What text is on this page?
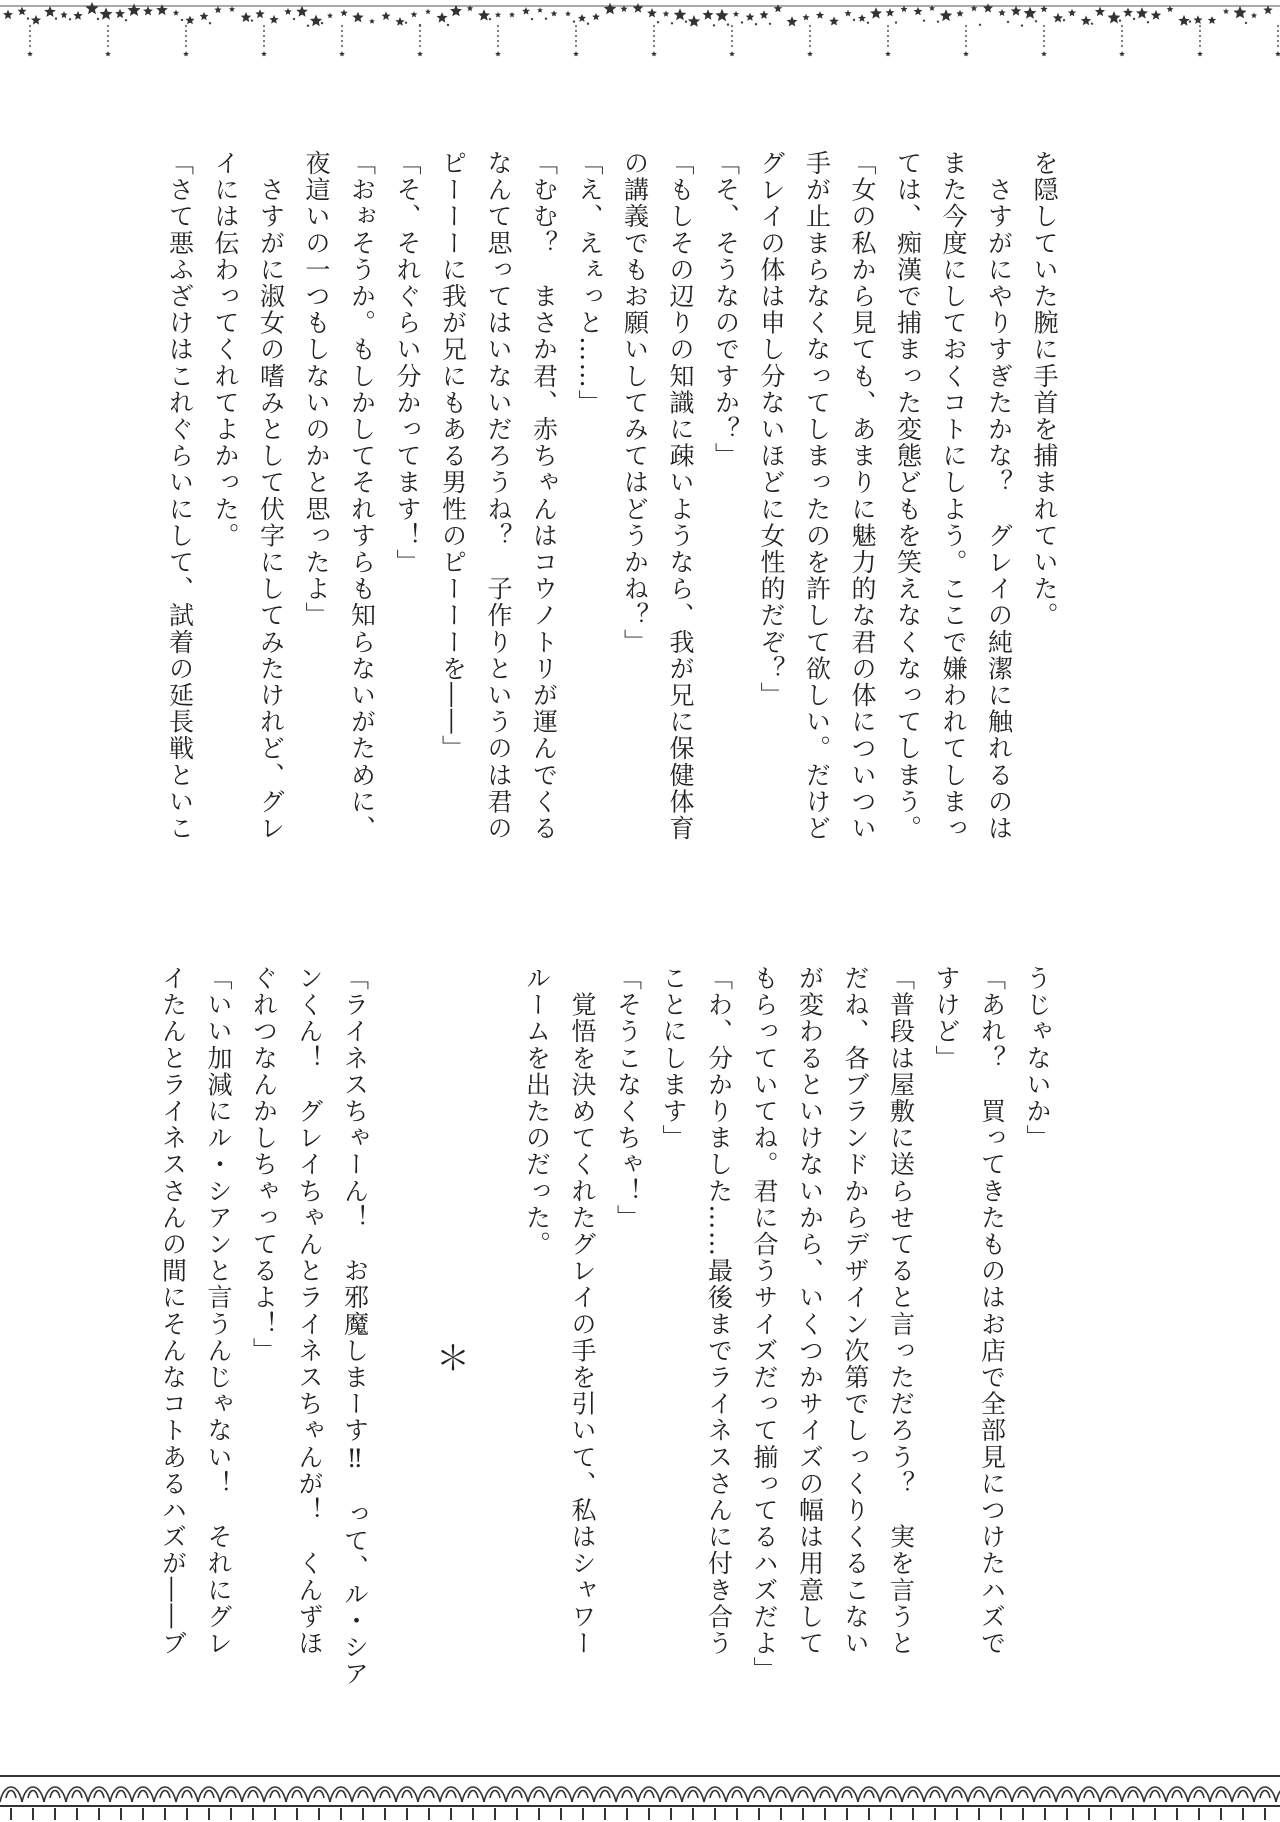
を隠していた腕に手首を捕まれていた。

　さすがにやりすぎたかな？　グレイの純潔に触れるのは

また今度にしておくコトにしよう。ここで嫌われてしまっ

ては、痴漢で捕まった変態どもを笑えなくなってしまう。

「女の私から見ても、あまりに魅力的な君の体についつい

手が止まらなくなってしまったのを許して欲しい。だけど

グレイの体は申し分ないほどに女性的だぞ？」

「そ、そうなのですか？」

「もしその辺りの知識に疎いようなら、我が兄に保健体育

の講義でもお願いしてみてはどうかね？」

「え、えぇっと……」

「むむ？　まさか君、赤ちゃんはコウノトリが運んでくる

なんて思ってはいないだろうね？　子作りというのは君の

ピーーーに我が兄にもある男性のピーーーを――」

「そ、それぐらい分かってます！」

「おぉそうか。もしかしてそれすらも知らないがために、

夜這いの一つもしないのかと思ったよ」

　さすがに淑女の嗜みとして伏字にしてみたけれど、グレ

イには伝わってくれてよかった。

「さて悪ふざけはこれぐらいにして、試着の延長戦といこ

うじゃないか」

「あれ？　買ってきたものはお店で全部見につけたハズで

すけど」

「普段は屋敷に送らせてると言っただろう？　実を言うと

だね、各ブランドからデザイン次第でしっくりくるこない

が変わるといけないから、いくつかサイズの幅は用意して

もらっていてね。君に合うサイズだって揃ってるハズだよ」

「わ、分かりました……最後までライネスさんに付き合う

ことにします」

「そうこなくちゃ！」

　覚悟を決めてくれたグレイの手を引いて、私はシャワー

ルームを出たのだった。

「ライネスちゃーん！　お邪魔しまーす‼　って、ル・シア

ンくん！　グレイちゃんとライネスちゃんが！　くんずほ

ぐれつなんかしちゃってるよ！」

「いい加減にル・シアンと言うんじゃない！　それにグレ

イたんとライネスさんの間にそんなコトあるハズが――ブ	＊
